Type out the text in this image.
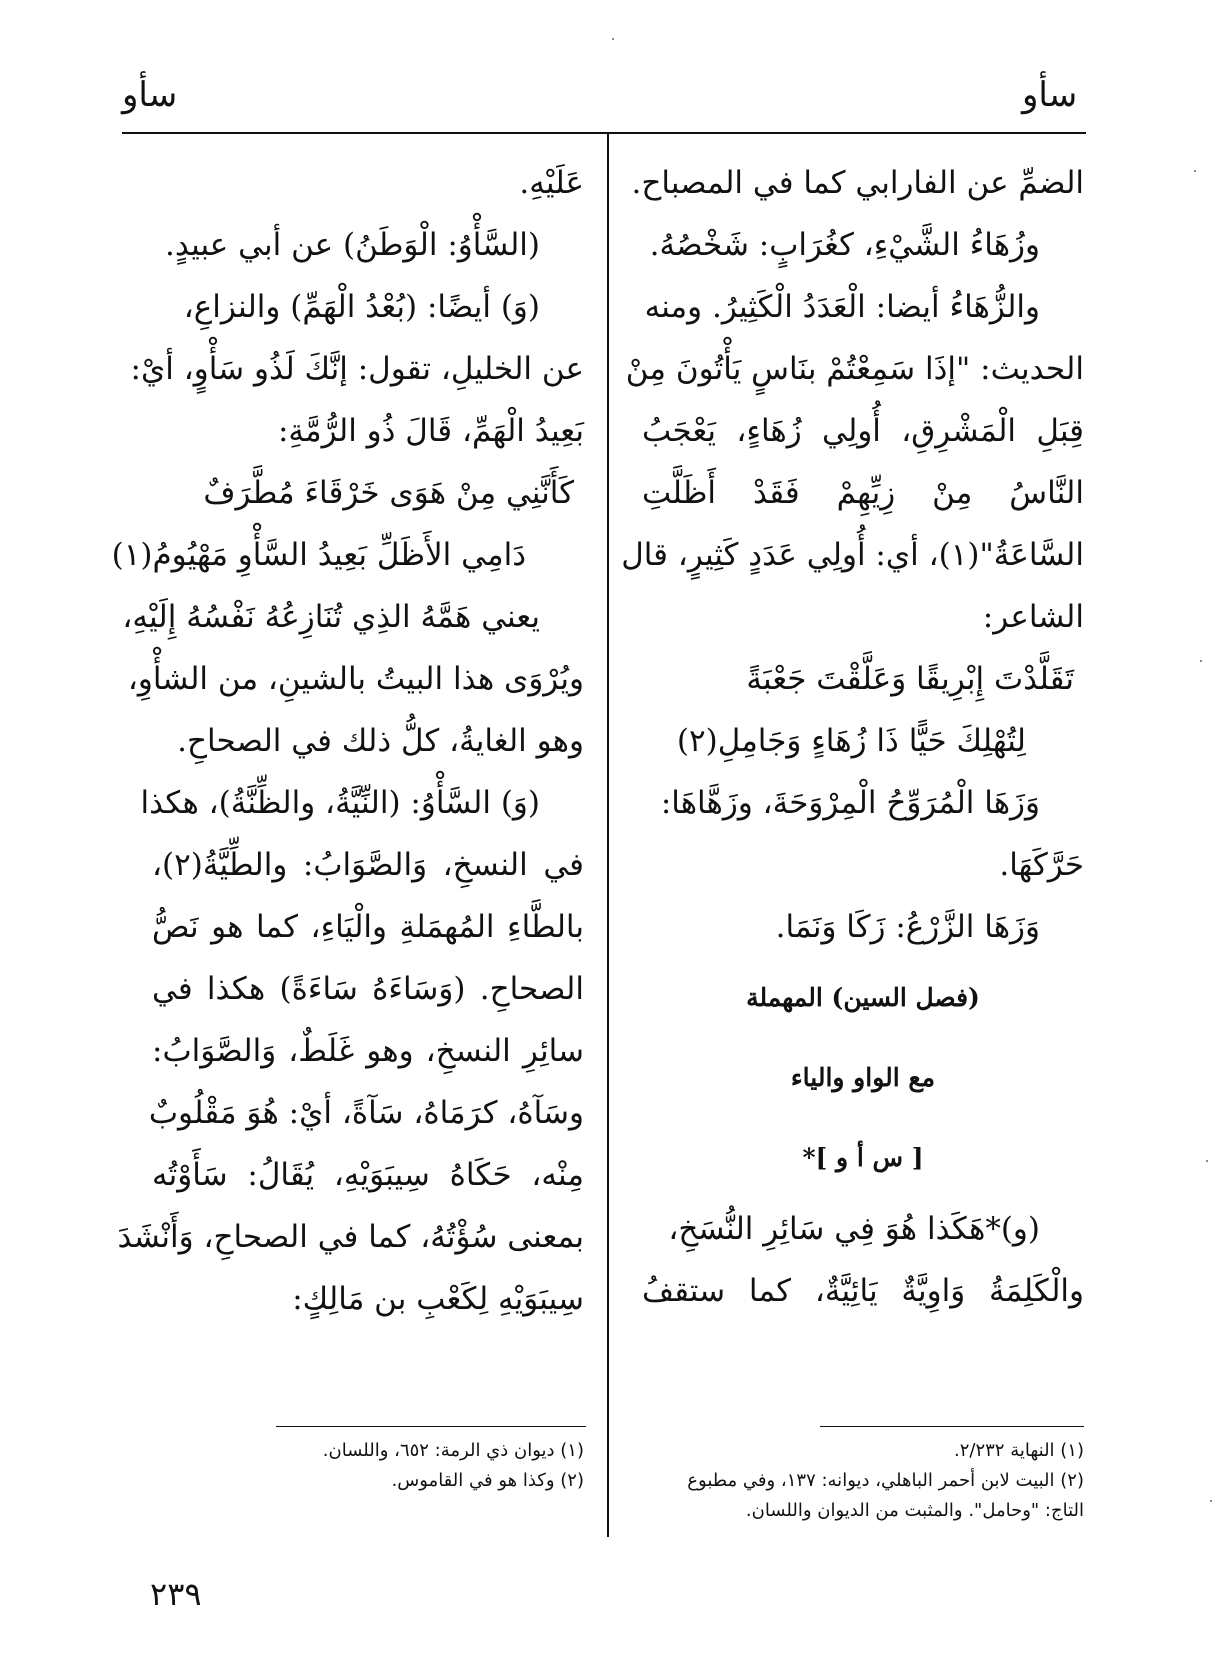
سأو
سأو
الضمِّ عن الفارابي كما في المصباح.
وزُهَاءُ الشَّيْءِ، كغُرَابٍ: شَخْصُهُ.
والزُّهَاءُ أيضا: الْعَدَدُ الْكَثِيرُ. ومنه
الحديث: "إذَا سَمِعْتُمْ بنَاسٍ يَأْتُونَ مِنْ
قِبَلِ الْمَشْرِقِ، أُولِي زُهَاءٍ، يَعْجَبُ
النَّاسُ مِنْ زِيِّهِمْ فَقَدْ أَظَلَّتِ
السَّاعَةُ"(١)، أي: أُولِي عَدَدٍ كَثِيرٍ، قال
الشاعر:
تَقَلَّدْتَ إِبْرِيقًا وَعَلَّقْتَ جَعْبَةً
لِتُهْلِكَ حَيًّا ذَا زُهَاءٍ وَجَامِلِ(٢)
وَزَهَا الْمُرَوِّحُ الْمِرْوَحَةَ، وزَهَّاهَا:
حَرَّكَهَا.
وَزَهَا الزَّرْعُ: زَكَا وَنَمَا.
(فصل السين) المهملة
مع الواو والياء
[ س أ و ]*
(و)*هَكَذا هُوَ فِي سَائِرِ النُّسَخِ،
والْكَلِمَةُ وَاوِيَّةٌ يَائِيَّةٌ، كما ستقفُ
(١) النهاية ٢/٢٣٢.
(٢) البيت لابن أحمر الباهلي، ديوانه: ١٣٧، وفي مطبوع
التاج: "وحامل". والمثبت من الديوان واللسان.
عَلَيْهِ.
(السَّأْوُ: الْوَطَنُ) عن أبي عبيدٍ.
(وَ) أيضًا: (بُعْدُ الْهَمِّ) والنزاعِ،
عن الخليلِ، تقول: إنَّكَ لَذُو سَأْوٍ، أيْ:
بَعِيدُ الْهَمِّ، قَالَ ذُو الرُّمَّةِ:
كَأَنَّنِي مِنْ هَوَى خَرْقَاءَ مُطَّرَفٌ
دَامِي الأَظَلِّ بَعِيدُ السَّأْوِ مَهْيُومُ(١)
يعني هَمَّهُ الذِي تُنَازِعُهُ نَفْسُهُ إِلَيْهِ،
ويُرْوَى هذا البيتُ بالشينِ، من الشأْوِ،
وهو الغايةُ، كلُّ ذلك في الصحاحِ.
(وَ) السَّأْوُ: (النِّيَّةُ، والظِّنَّةُ)، هكذا
في النسخِ، وَالصَّوَابُ: والطِّيَّةُ(٢)،
بالطَّاءِ المُهمَلةِ والْيَاءِ، كما هو نَصُّ
الصحاحِ. (وَسَاءَهُ سَاءَةً) هكذا في
سائِرِ النسخِ، وهو غَلَطٌ، وَالصَّوَابُ:
وسَآهُ، كرَمَاهُ، سَآةً، أيْ: هُوَ مَقْلُوبٌ
مِنْه، حَكَاهُ سِيبَوَيْهِ، يُقَالُ: سَأَوْتُه
بمعنى سُؤْتُهُ، كما في الصحاحِ، وَأَنْشَدَ
سِيبَوَيْهِ لِكَعْبِ بن مَالِكٍ:
(١) ديوان ذي الرمة: ٦٥٢، واللسان.
(٢) وكذا هو في القاموس.
٢٣٩
